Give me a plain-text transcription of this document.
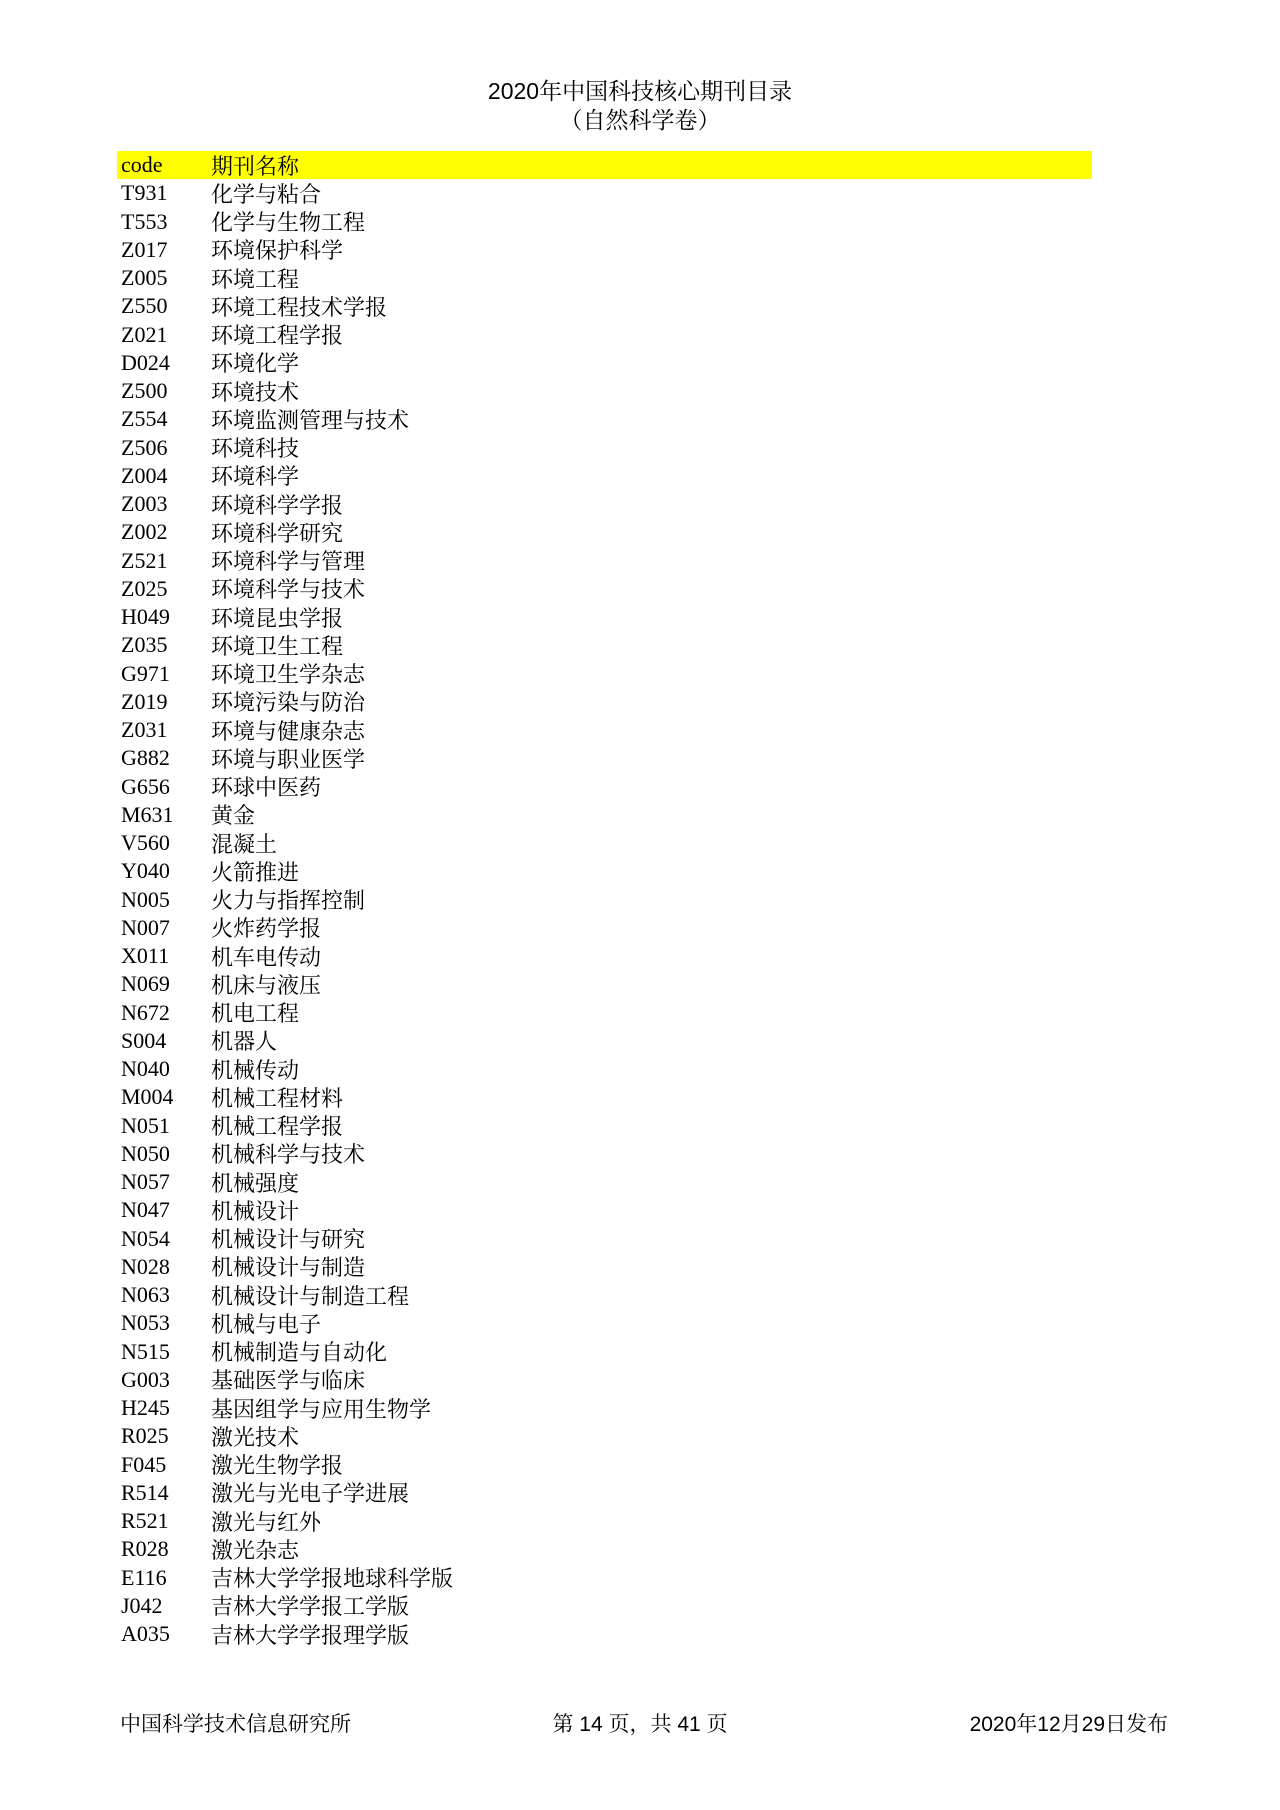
2020年中国科技核心期刊目录
（自然科学卷）
code	期刊名称
T931	化学与粘合
T553	化学与生物工程
Z017	环境保护科学
Z005	环境工程
Z550	环境工程技术学报
Z021	环境工程学报
D024	环境化学
Z500	环境技术
Z554	环境监测管理与技术
Z506	环境科技
Z004	环境科学
Z003	环境科学学报
Z002	环境科学研究
Z521	环境科学与管理
Z025	环境科学与技术
H049	环境昆虫学报
Z035	环境卫生工程
G971	环境卫生学杂志
Z019	环境污染与防治
Z031	环境与健康杂志
G882	环境与职业医学
G656	环球中医药
M631	黄金
V560	混凝土
Y040	火箭推进
N005	火力与指挥控制
N007	火炸药学报
X011	机车电传动
N069	机床与液压
N672	机电工程
S004	机器人
N040	机械传动
M004	机械工程材料
N051	机械工程学报
N050	机械科学与技术
N057	机械强度
N047	机械设计
N054	机械设计与研究
N028	机械设计与制造
N063	机械设计与制造工程
N053	机械与电子
N515	机械制造与自动化
G003	基础医学与临床
H245	基因组学与应用生物学
R025	激光技术
F045	激光生物学报
R514	激光与光电子学进展
R521	激光与红外
R028	激光杂志
E116	吉林大学学报地球科学版
J042	吉林大学学报工学版
A035	吉林大学学报理学版
中国科学技术信息研究所	第 14 页，共 41 页	2020年12月29日发布
